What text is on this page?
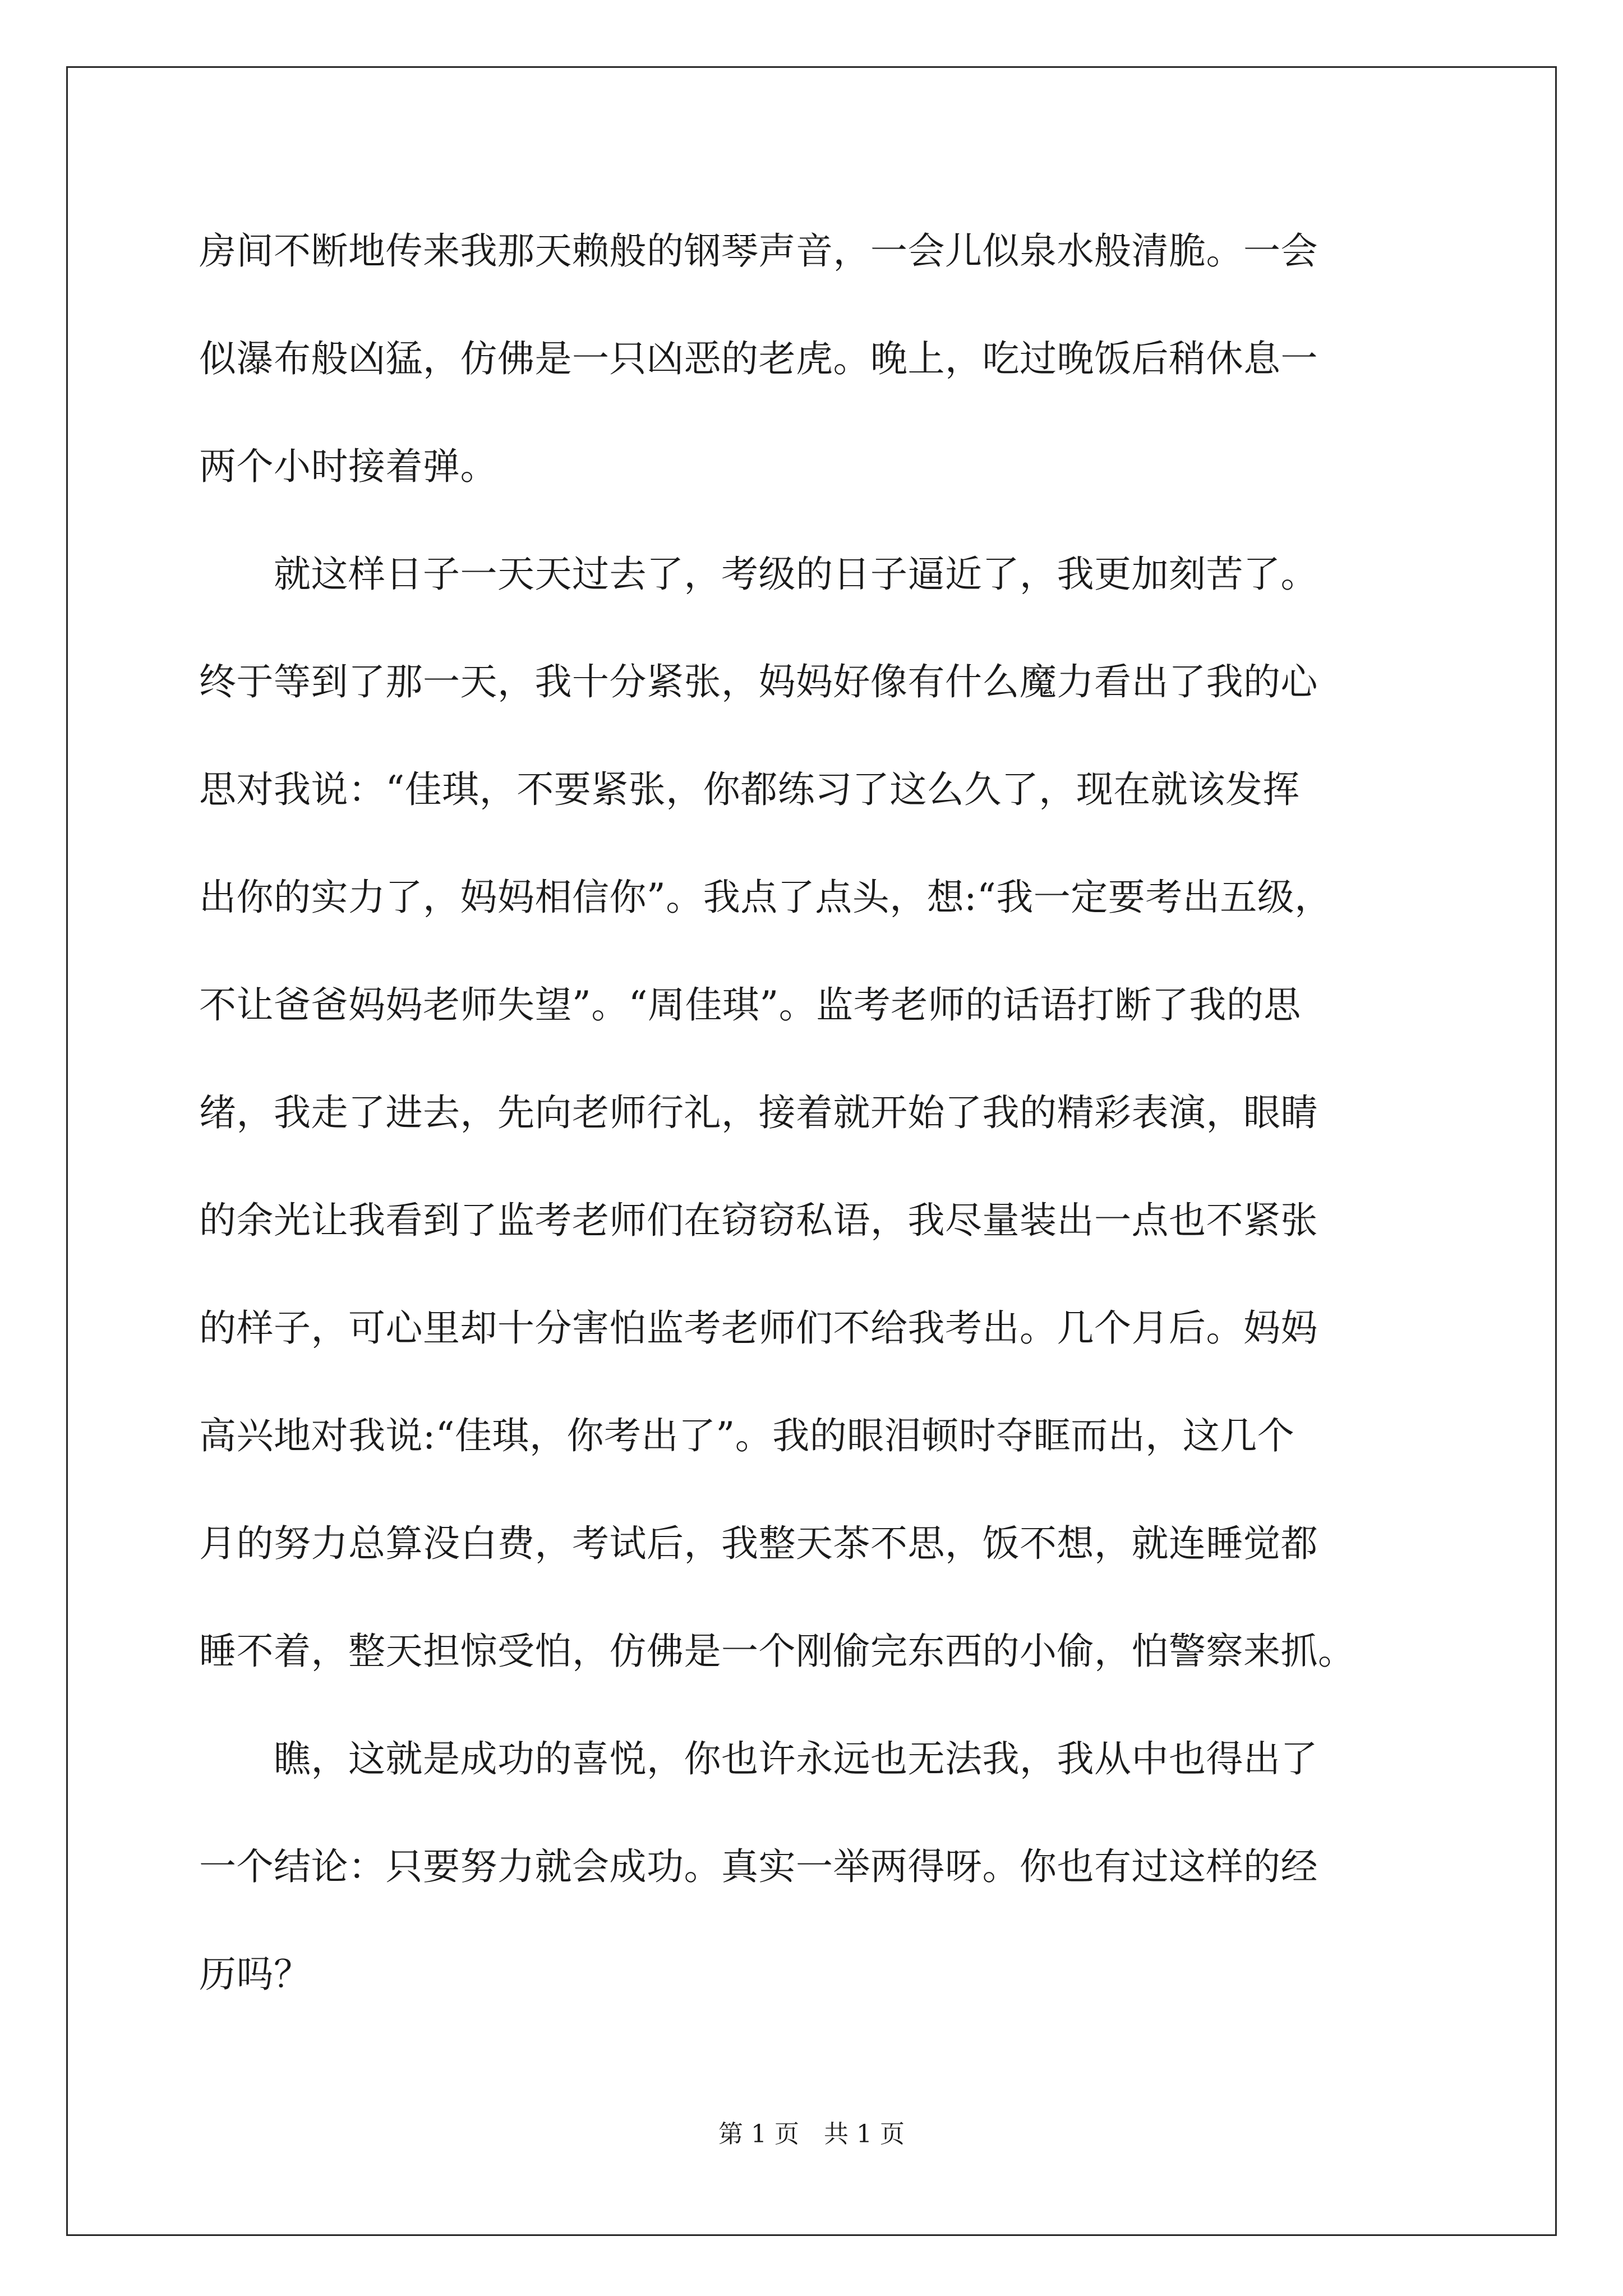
房间不断地传来我那天赖般的钢琴声音，一会儿似泉水般清脆。一会
似瀑布般凶猛，仿佛是一只凶恶的老虎。晚上，吃过晚饭后稍休息一
两个小时接着弹。
　　就这样日子一天天过去了，考级的日子逼近了，我更加刻苦了。
终于等到了那一天，我十分紧张，妈妈好像有什么魔力看出了我的心
思对我说：“佳琪，不要紧张，你都练习了这么久了，现在就该发挥
出你的实力了，妈妈相信你”。我点了点头，想:“我一定要考出五级，
不让爸爸妈妈老师失望”。“周佳琪”。监考老师的话语打断了我的思
绪，我走了进去，先向老师行礼，接着就开始了我的精彩表演，眼睛
的余光让我看到了监考老师们在窃窃私语，我尽量装出一点也不紧张
的样子，可心里却十分害怕监考老师们不给我考出。几个月后。妈妈
高兴地对我说:“佳琪，你考出了”。我的眼泪顿时夺眶而出，这几个
月的努力总算没白费，考试后，我整天茶不思，饭不想，就连睡觉都
睡不着，整天担惊受怕，仿佛是一个刚偷完东西的小偷，怕警察来抓。
　　瞧，这就是成功的喜悦，你也许永远也无法我，我从中也得出了
一个结论：只要努力就会成功。真实一举两得呀。你也有过这样的经
历吗？
第 1 页　共 1 页
